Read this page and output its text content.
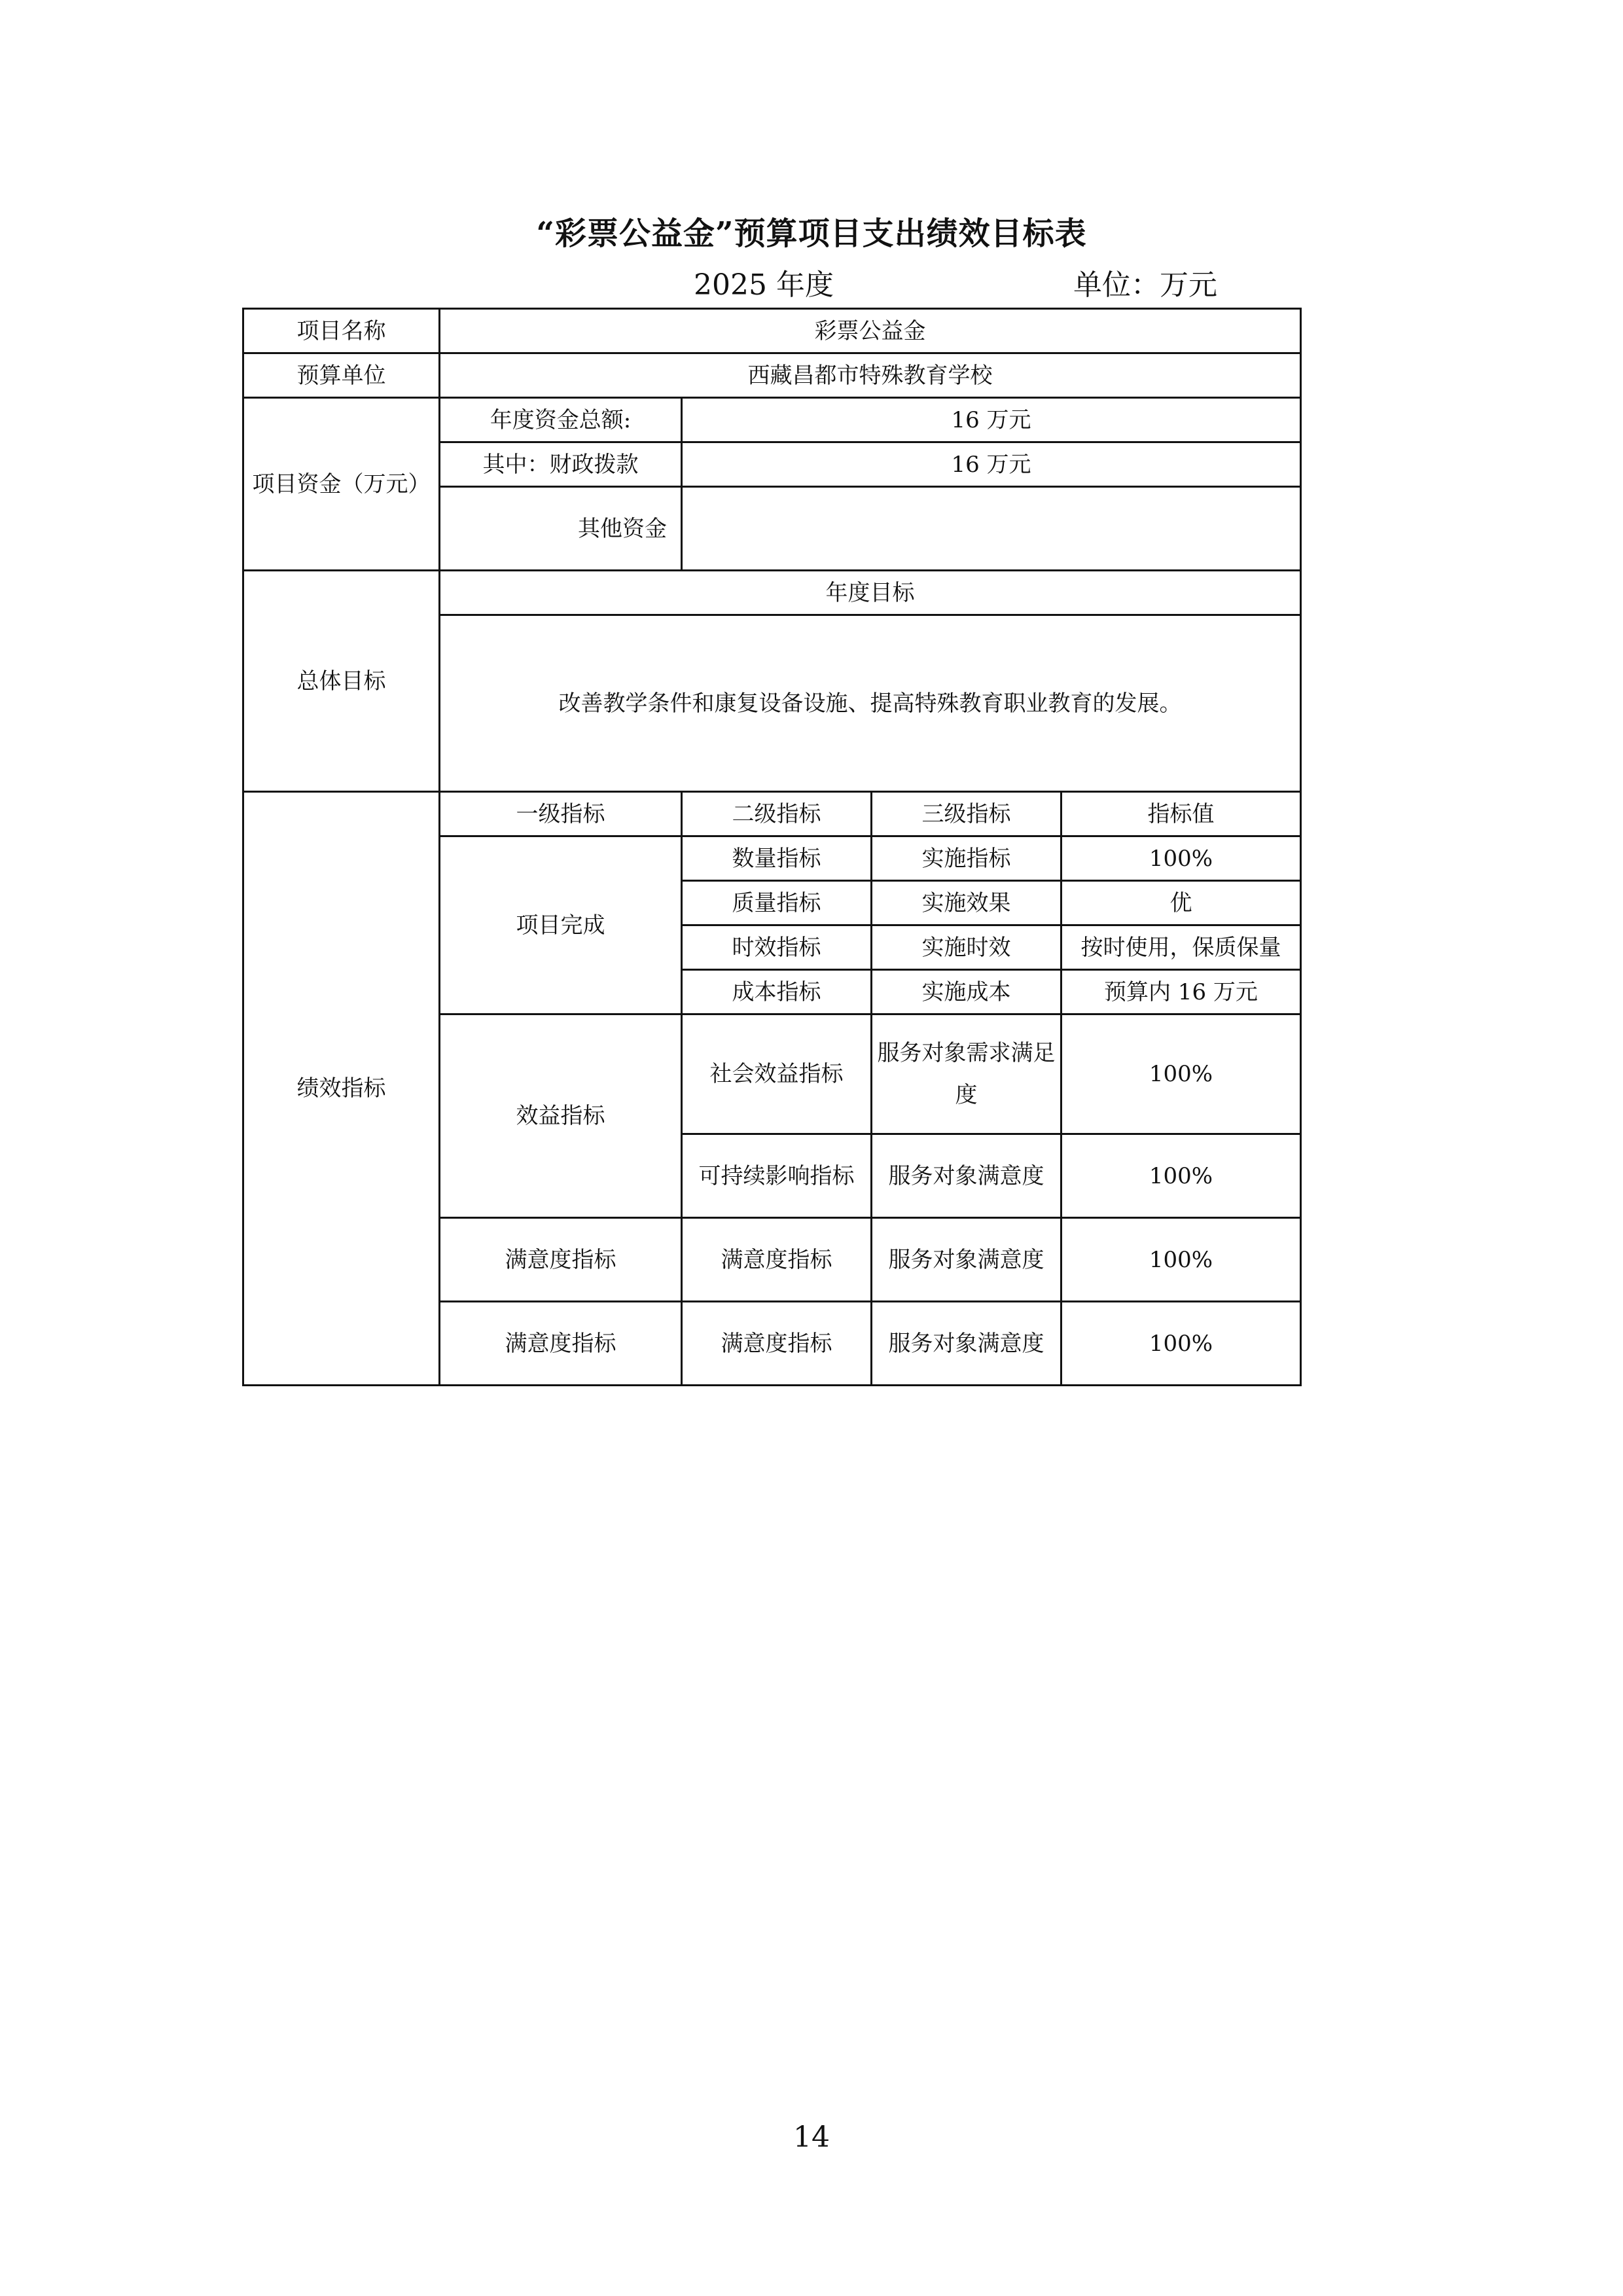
“彩票公益金”预算项目支出绩效目标表
2025 年度	单位：万元
项目名称	彩票公益金			
预算单位	西藏昌都市特殊教育学校			
项目资金（万元）	年度资金总额:	16 万元		
	其中：财政拨款	16 万元		
	其他资金			
总体目标	年度目标			
	改善教学条件和康复设备设施、提高特殊教育职业教育的发展。			
绩效指标	一级指标	二级指标	三级指标	指标值
	项目完成	数量指标	实施指标	100%
		质量指标	实施效果	优
		时效指标	实施时效	按时使用，保质保量
		成本指标	实施成本	预算内 16 万元
	效益指标	社会效益指标	服务对象需求满足度	100%
		可持续影响指标	服务对象满意度	100%
	满意度指标	满意度指标	服务对象满意度	100%
	满意度指标	满意度指标	服务对象满意度	100%
14
